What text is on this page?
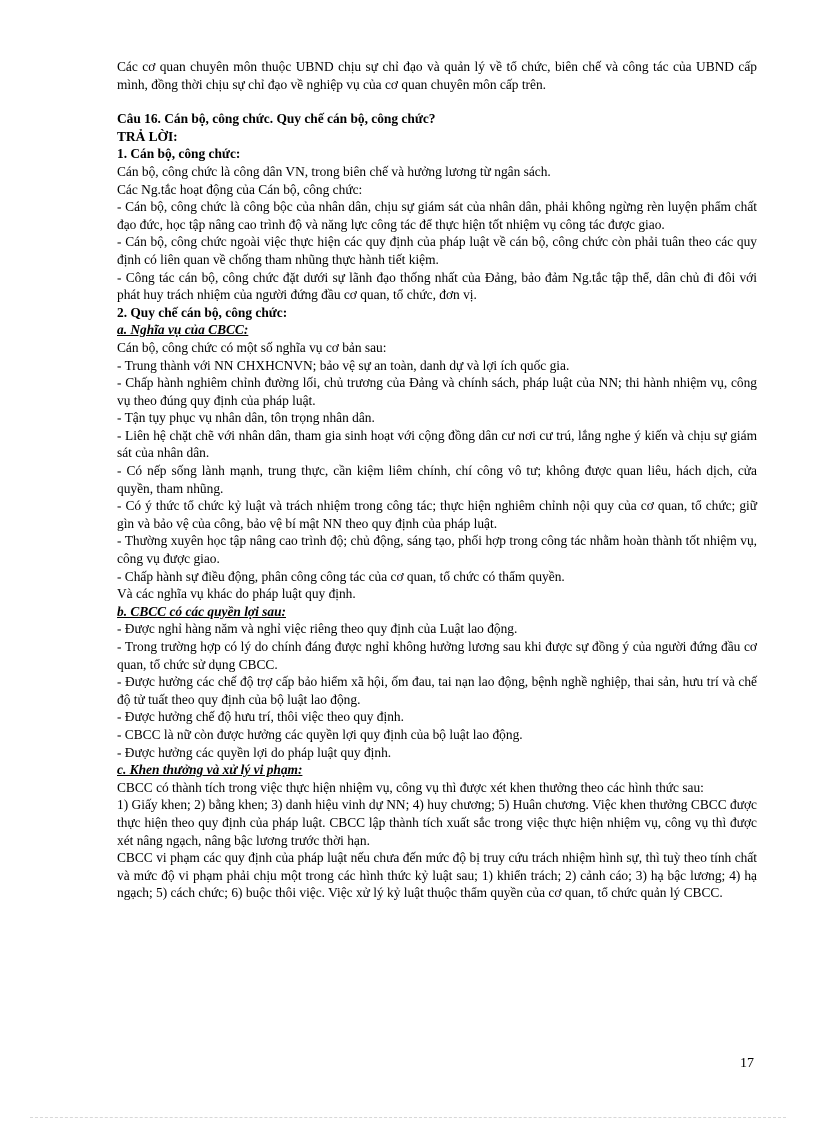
Các cơ quan chuyên môn thuộc UBND chịu sự chỉ đạo và quản lý về tổ chức, biên chế và công tác của UBND cấp mình, đồng thời chịu sự chỉ đạo về nghiệp vụ của cơ quan chuyên môn cấp trên.

Câu 16. Cán bộ, công chức. Quy chế cán bộ, công chức?

TRẢ LỜI:

1. Cán bộ, công chức:

Cán bộ, công chức là công dân VN, trong biên chế và hưởng lương từ ngân sách.

Các Ng.tắc hoạt động của Cán bộ, công chức:

- Cán bộ, công chức là công bộc của nhân dân, chịu sự giám sát của nhân dân, phải không ngừng rèn luyện phẩm chất đạo đức, học tập nâng cao trình độ và năng lực công tác để thực hiện tốt nhiệm vụ công tác được giao.

- Cán bộ, công chức ngoài việc thực hiện các quy định của pháp luật về cán bộ, công chức còn phải tuân theo các quy định có liên quan về chống tham nhũng thực hành tiết kiệm.

- Công tác cán bộ, công chức đặt dưới sự lãnh đạo thống nhất của Đảng, bảo đảm Ng.tắc tập thể, dân chủ đi đôi với phát huy trách nhiệm của người đứng đầu cơ quan, tổ chức, đơn vị.

2. Quy chế cán bộ, công chức:

a. Nghĩa vụ của CBCC:

Cán bộ, công chức có một số nghĩa vụ cơ bản sau:

- Trung thành với NN CHXHCNVN; bảo vệ sự an toàn, danh dự và lợi ích quốc gia.

- Chấp hành nghiêm chỉnh đường lối, chủ trương của Đảng và chính sách, pháp luật của NN; thi hành nhiệm vụ, công vụ theo đúng quy định của pháp luật.

- Tận tụy phục vụ nhân dân, tôn trọng nhân dân.

- Liên hệ chặt chẽ với nhân dân, tham gia sinh hoạt với cộng đồng dân cư nơi cư trú, lắng nghe ý kiến và chịu sự giám sát của nhân dân.

- Có nếp sống lành mạnh, trung thực, cần kiệm liêm chính, chí công vô tư; không được quan liêu, hách dịch, cửa quyền, tham nhũng.

- Có ý thức tổ chức kỷ luật và trách nhiệm trong công tác; thực hiện nghiêm chỉnh nội quy của cơ quan, tổ chức; giữ gìn và bảo vệ của công, bảo vệ bí mật NN theo quy định của pháp luật.

- Thường xuyên học tập nâng cao trình độ; chủ động, sáng tạo, phối hợp trong công tác nhằm hoàn thành tốt nhiệm vụ, công vụ được giao.

- Chấp hành sự điều động, phân công công tác của cơ quan, tổ chức có thẩm quyền.

Và các nghĩa vụ khác do pháp luật quy định.

b. CBCC có các quyền lợi sau:

- Được nghỉ hàng năm và nghỉ việc riêng theo quy định của Luật lao động.

- Trong trường hợp có lý do chính đáng được nghỉ không hưởng lương sau khi được sự đồng ý của người đứng đầu cơ quan, tổ chức sử dụng CBCC.

- Được hưởng các chế độ trợ cấp bảo hiểm xã hội, ốm đau, tai nạn lao động, bệnh nghề nghiệp, thai sản, hưu trí và chế độ tử tuất theo quy định của bộ luật lao động.

- Được hưởng chế độ hưu trí, thôi việc theo quy định.

- CBCC là nữ còn được hưởng các quyền lợi quy định của bộ luật lao động.

- Được hưởng các quyền lợi do pháp luật quy định.

c. Khen thưởng và xử lý vi phạm:

CBCC có thành tích trong việc thực hiện nhiệm vụ, công vụ thì được xét khen thưởng theo các hình thức sau:

1) Giấy khen; 2) bằng khen; 3) danh hiệu vinh dự NN; 4) huy chương; 5) Huân chương. Việc khen thưởng CBCC được thực hiện theo quy định của pháp luật. CBCC lập thành tích xuất sắc trong việc thực hiện nhiệm vụ, công vụ thì được xét nâng ngạch, nâng bậc lương trước thời hạn.

CBCC vi phạm các quy định của pháp luật nếu chưa đến mức độ bị truy cứu trách nhiệm hình sự, thì tuỳ theo tính chất và mức độ vi phạm phải chịu một trong các hình thức kỷ luật sau; 1) khiển trách; 2) cảnh cáo; 3) hạ bậc lương; 4) hạ ngạch; 5) cách chức; 6) buộc thôi việc. Việc xử lý kỷ luật thuộc thẩm quyền của cơ quan, tổ chức quản lý CBCC.

17
